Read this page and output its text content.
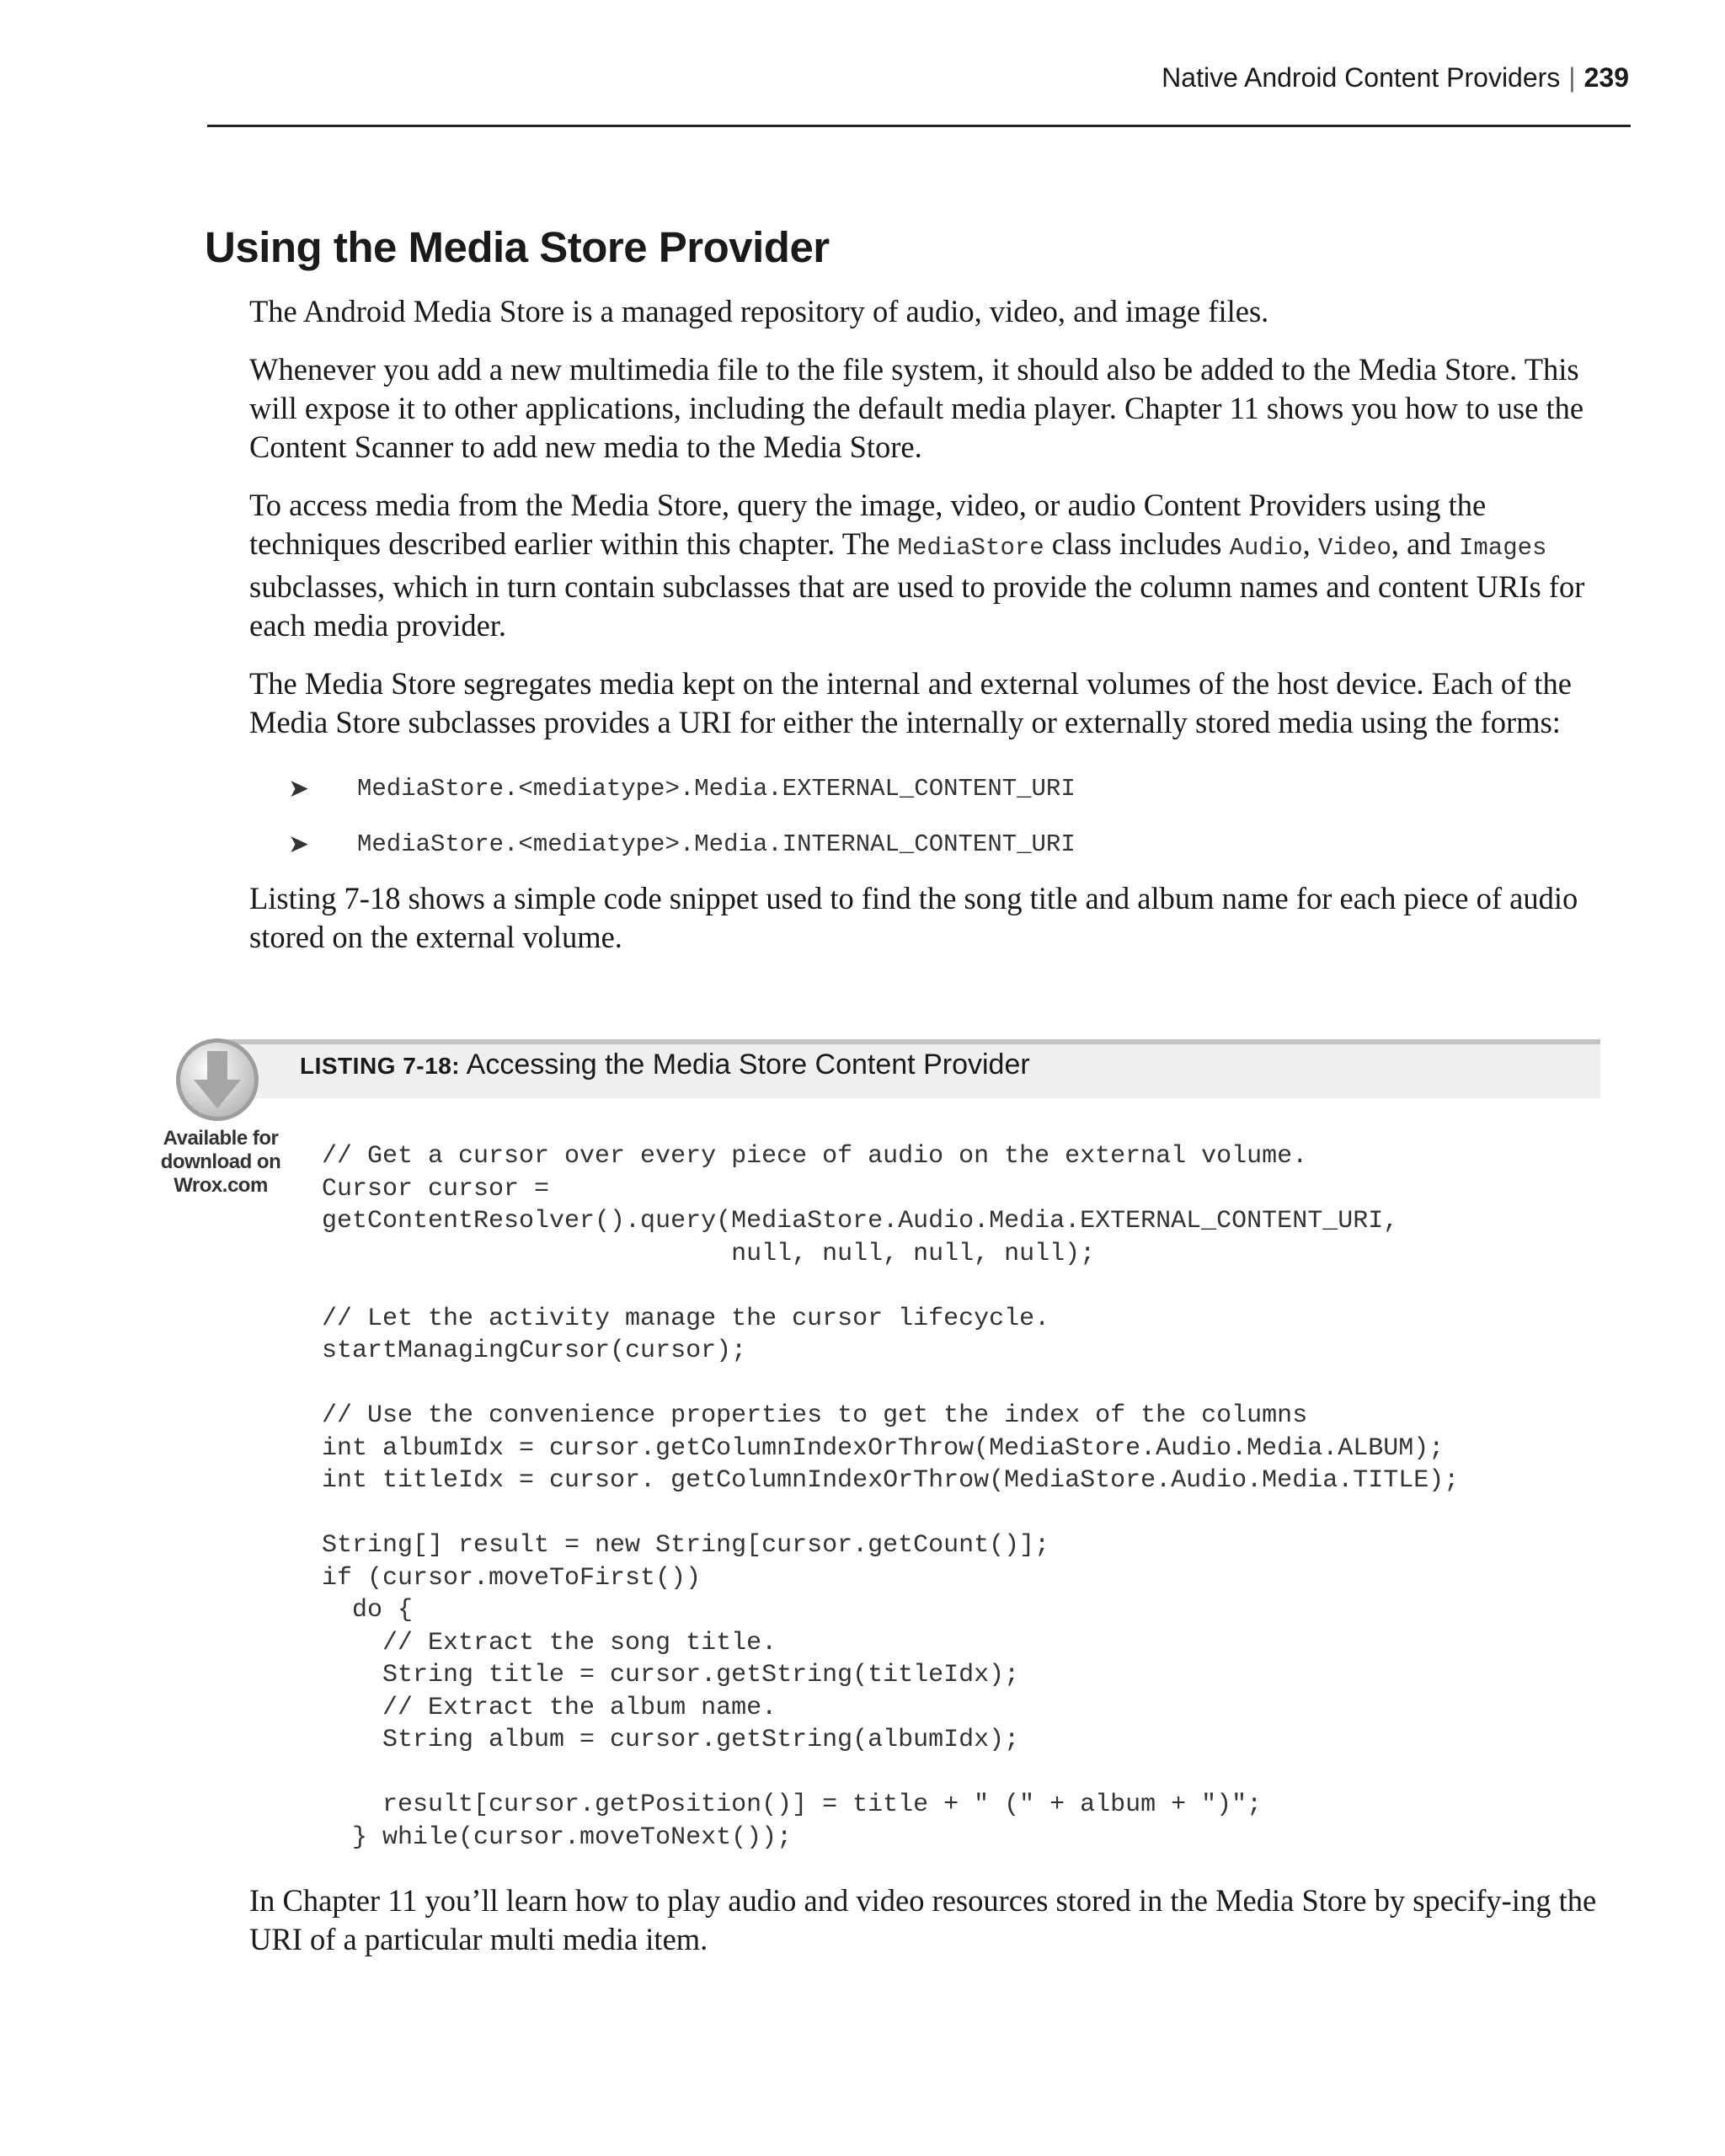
Native Android Content Providers | 239
Using the Media Store Provider

The Android Media Store is a managed repository of audio, video, and image files.

Whenever you add a new multimedia file to the file system, it should also be added to the Media Store. This will expose it to other applications, including the default media player. Chapter 11 shows you how to use the Content Scanner to add new media to the Media Store.

To access media from the Media Store, query the image, video, or audio Content Providers using the techniques described earlier within this chapter. The MediaStore class includes Audio, Video, and Images subclasses, which in turn contain subclasses that are used to provide the column names and content URIs for each media provider.

The Media Store segregates media kept on the internal and external volumes of the host device. Each of the Media Store subclasses provides a URI for either the internally or externally stored media using the forms:

➤	MediaStore.<mediatype>.Media.EXTERNAL_CONTENT_URI
➤	MediaStore.<mediatype>.Media.INTERNAL_CONTENT_URI

Listing 7-18 shows a simple code snippet used to find the song title and album name for each piece of audio stored on the external volume.

LISTING 7-18: Accessing the Media Store Content Provider
Available for
download on
Wrox.com
// Get a cursor over every piece of audio on the external volume.
Cursor cursor =
getContentResolver().query(MediaStore.Audio.Media.EXTERNAL_CONTENT_URI,
null, null, null, null);

// Let the activity manage the cursor lifecycle.
startManagingCursor(cursor);

// Use the convenience properties to get the index of the columns
int albumIdx = cursor.getColumnIndexOrThrow(MediaStore.Audio.Media.ALBUM);
int titleIdx = cursor. getColumnIndexOrThrow(MediaStore.Audio.Media.TITLE);

String[] result = new String[cursor.getCount()];
if (cursor.moveToFirst())
do {
// Extract the song title.
String title = cursor.getString(titleIdx);
// Extract the album name.
String album = cursor.getString(albumIdx);

result[cursor.getPosition()] = title + " (" + album + ")";
} while(cursor.moveToNext());

In Chapter 11 you’ll learn how to play audio and video resources stored in the Media Store by specify-ing the URI of a particular multi media item.
